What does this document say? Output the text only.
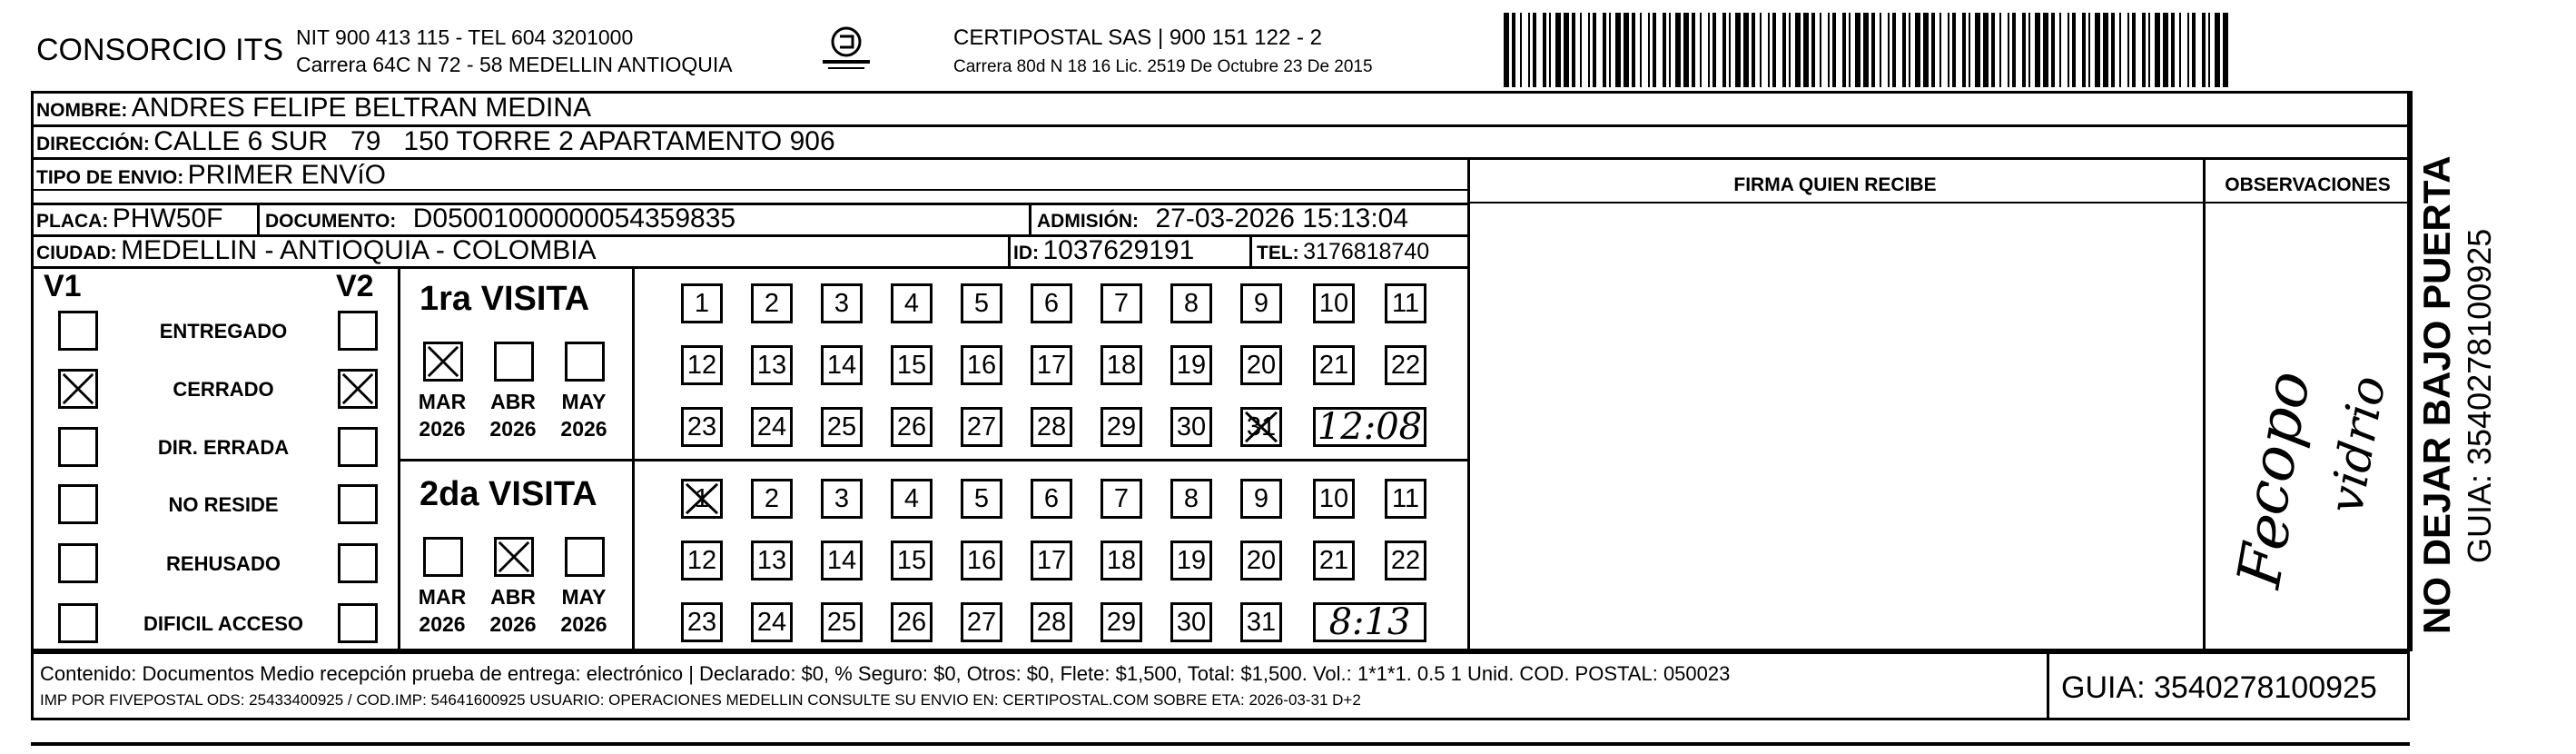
CONSORCIO ITS NIT 900 413 115 - TEL 604 3201000
Carrera 64C N 72 - 58 MEDELLIN ANTIOQUIA
CERTIPOSTAL SAS | 900 151 122 - 2
Carrera 80d N 18 16 Lic. 2519 De Octubre 23 De 2015
NOMBRE: ANDRES FELIPE BELTRAN MEDINA
DIRECCIÓN: CALLE 6 SUR   79   150 TORRE 2 APARTAMENTO 906
TIPO DE ENVIO: PRIMER ENVíO
PLACA: PHW50F DOCUMENTO: D05001000000054359835	ADMISIÓN: 27-03-2026 15:13:04
CIUDAD: MEDELLIN - ANTIOQUIA - COLOMBIA	ID: 1037629191	TEL: 3176818740
FIRMA QUIEN RECIBE	OBSERVACIONES
Fe
copo
vidrio NO DEJAR BAJO PUERTA GUIA: 3540278100925
V1	V2
ENTREGADO
CERRADO
DIR. ERRADA
NO RESIDE
REHUSADO
DIFICIL ACCESO
1ra VISITA
MAR
2026
ABR
2026
MAY
2026
1 2 3 4 5 6 7 8 9 10 11
12 13 14 15 16 17 18 19 20 21 22
23 24 25 26 27 28 29 30 31 12:08
2da VISITA
MAR
2026
ABR
2026
MAY
2026
1 2 3 4 5 6 7 8 9 10 11
12 13 14 15 16 17 18 19 20 21 22
23 24 25 26 27 28 29 30 31 8:13
Contenido: Documentos Medio recepción prueba de entrega: electrónico | Declarado: $0, % Seguro: $0, Otros: $0, Flete: $1,500, Total: $1,500. Vol.: 1*1*1. 0.5 1 Unid. COD. POSTAL: 050023
IMP POR FIVEPOSTAL ODS: 25433400925 / COD.IMP: 54641600925 USUARIO: OPERACIONES MEDELLIN CONSULTE SU ENVIO EN: CERTIPOSTAL.COM SOBRE ETA: 2026-03-31 D+2	GUIA: 3540278100925
